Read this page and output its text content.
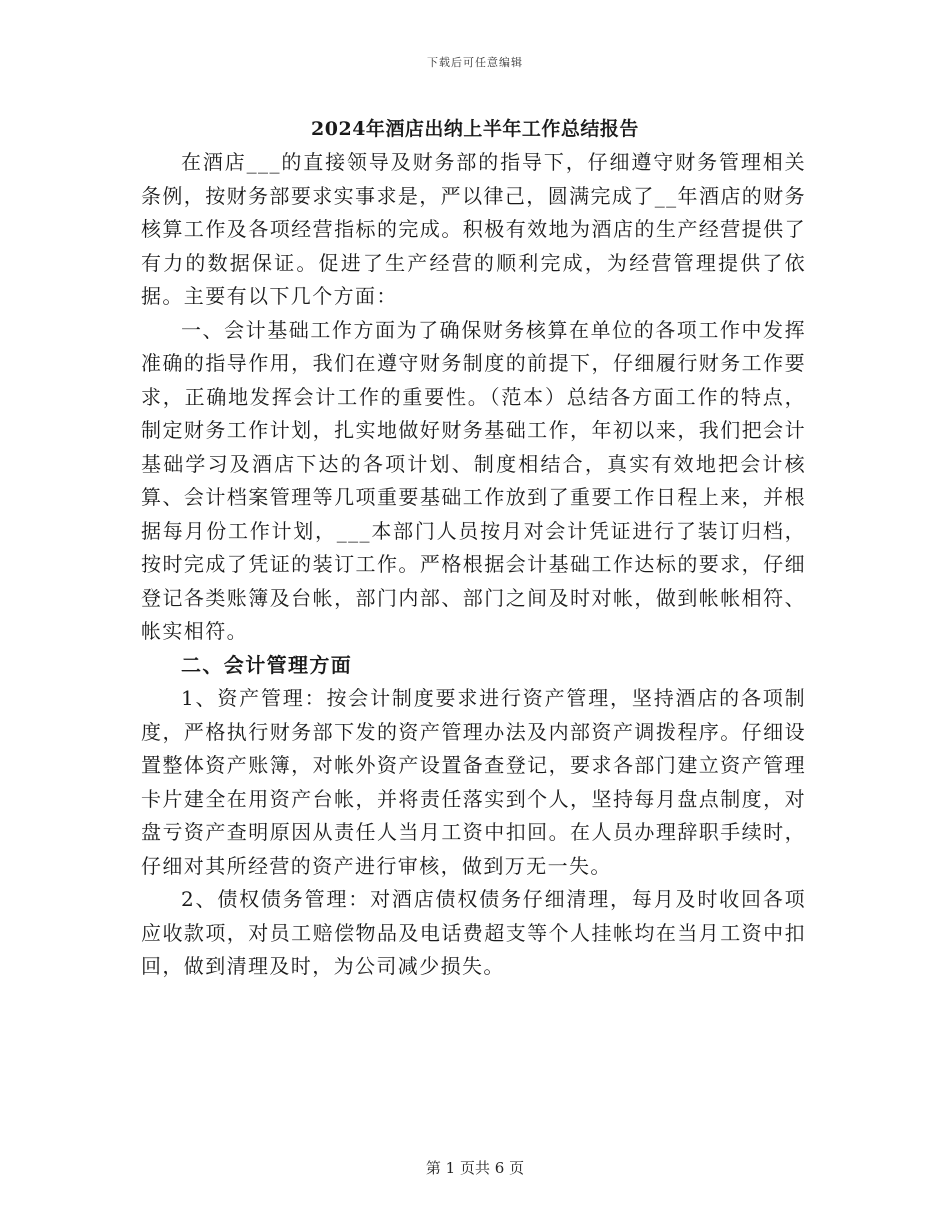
下载后可任意编辑
2024年酒店出纳上半年工作总结报告

在酒店___的直接领导及财务部的指导下，仔细遵守财务管理相关条例，按财务部要求实事求是，严以律己，圆满完成了__年酒店的财务核算工作及各项经营指标的完成。积极有效地为酒店的生产经营提供了有力的数据保证。促进了生产经营的顺利完成，为经营管理提供了依据。主要有以下几个方面：

一、会计基础工作方面为了确保财务核算在单位的各项工作中发挥准确的指导作用，我们在遵守财务制度的前提下，仔细履行财务工作要求，正确地发挥会计工作的重要性。（范本）总结各方面工作的特点，制定财务工作计划，扎实地做好财务基础工作，年初以来，我们把会计基础学习及酒店下达的各项计划、制度相结合，真实有效地把会计核算、会计档案管理等几项重要基础工作放到了重要工作日程上来，并根据每月份工作计划，___本部门人员按月对会计凭证进行了装订归档，按时完成了凭证的装订工作。严格根据会计基础工作达标的要求，仔细登记各类账簿及台帐，部门内部、部门之间及时对帐，做到帐帐相符、帐实相符。

二、会计管理方面

1、资产管理：按会计制度要求进行资产管理，坚持酒店的各项制度，严格执行财务部下发的资产管理办法及内部资产调拨程序。仔细设置整体资产账簿，对帐外资产设置备查登记，要求各部门建立资产管理卡片建全在用资产台帐，并将责任落实到个人，坚持每月盘点制度，对盘亏资产查明原因从责任人当月工资中扣回。在人员办理辞职手续时，仔细对其所经营的资产进行审核，做到万无一失。

2、债权债务管理：对酒店债权债务仔细清理，每月及时收回各项应收款项，对员工赔偿物品及电话费超支等个人挂帐均在当月工资中扣回，做到清理及时，为公司减少损失。

第 1 页共 6 页
